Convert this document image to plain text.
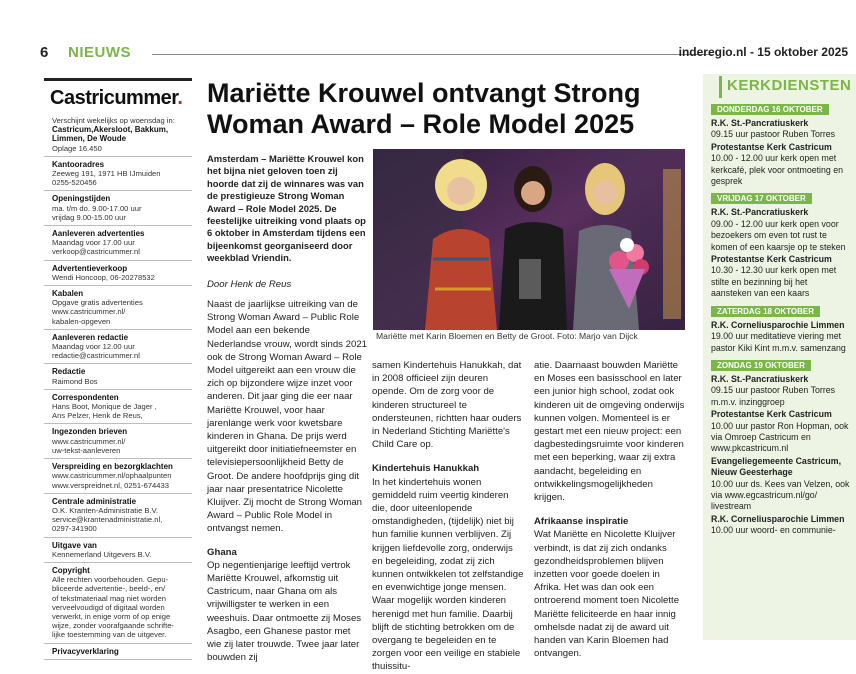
6 NIEUWS	inderegio.nl - 15 oktober 2025
Castricummer.
Verschijnt wekelijks op woensdag in:
Castricum,Akersloot, Bakkum,
Limmen, De Woude
Oplage 16.450
Kantooradres
Zeeweg 191, 1971 HB IJmuiden
0255-520456
Openingstijden
ma. t/m do. 9.00-17.00 uur
vrijdag 9.00-15.00 uur
Aanleveren advertenties
Maandag voor 17.00 uur
verkoop@castricummer.nl
Advertentieverkoop
Wendi Honcoop, 06-20278532
Kabalen
Opgave gratis advertenties
www.castricummer.nl/
kabalen-opgeven
Aanleveren redactie
Maandag voor 12.00 uur
redactie@castricummer.nl
Redactie
Raimond Bos
Correspondenten
Hans Boot, Monique de Jager ,
Ans Pelzer, Henk de Reus,
Ingezonden brieven
www.castricummer.nl/
uw-tekst-aanleveren
Verspreiding en bezorgklachten
www.castricummer.nl/ophaalpunten
www.verspreidnet.nl, 0251-674433
Centrale administratie
O.K. Kranten-Administratie B.V.
service@krantenadministratie.nl,
0297-341900
Uitgave van
Kennemerland Uitgevers B.V.
Copyright
Alle rechten voorbehouden. Gepu-
bliceerde advertentie-, beeld-, en/
of tekstmateriaal mag niet worden
verveelvoudigd of digitaal worden
verwerkt, in enige vorm of op enige
wijze, zonder voorafgaande schrifte-
lijke toestemming van de uitgever.
Privacyverklaring
Mariëtte Krouwel ontvangt Strong Woman Award – Role Model 2025
Amsterdam – Mariëtte Krouwel kon het bijna niet geloven toen zij hoorde dat zij de winnares was van de prestigieuze Strong Woman Award – Role Model 2025. De feestelijke uitreiking vond plaats op 6 oktober in Amsterdam tijdens een bijeenkomst georganiseerd door weekblad Vriendin.
Door Henk de Reus

Naast de jaarlijkse uitreiking van de Strong Woman Award – Public Role Model aan een bekende Nederlandse vrouw, wordt sinds 2021 ook de Strong Woman Award – Role Model uitgereikt aan een vrouw die zich op bijzondere wijze inzet voor anderen. Dit jaar ging die eer naar Mariëtte Krouwel, voor haar jarenlange werk voor kwetsbare kinderen in Ghana. De prijs werd uitgereikt door initiatiefneemster en televisiepersoonlijkheid Betty de Groot. De andere hoofdprijs ging dit jaar naar presentatrice Nicolette Kluijver. Zij mocht de Strong Woman Award – Public Role Model in ontvangst nemen.

Ghana

Op negentienjarige leeftijd vertrok Mariëtte Krouwel, afkomstig uit Castricum, naar Ghana om als vrijwilligster te werken in een weeshuis. Daar ontmoette zij Moses Asagbo, een Ghanese pastor met wie zij later trouwde. Twee jaar later bouwden zij

Mariëtte met Karin Bloemen en Betty de Groot. Foto: Marjo van Dijck

samen Kindertehuis Hanukkah, dat in 2008 officieel zijn deuren opende. Om de zorg voor de kinderen structureel te ondersteunen, richtten haar ouders in Nederland Stichting Mariëtte's Child Care op.

Kindertehuis Hanukkah

In het kindertehuis wonen gemiddeld ruim veertig kinderen die, door uiteenlopende omstandigheden, (tijdelijk) niet bij hun familie kunnen verblijven. Zij krijgen liefdevolle zorg, onderwijs en begeleiding, zodat zij zich kunnen ontwikkelen tot zelfstandige en evenwichtige jonge mensen. Waar mogelijk worden kinderen herenigd met hun familie. Daarbij blijft de stichting betrokken om de overgang te begeleiden en te zorgen voor een veilige en stabiele thuissitu-

atie. Daarnaast bouwden Mariëtte en Moses een basisschool en later een junior high school, zodat ook kinderen uit de omgeving onderwijs kunnen volgen. Momenteel is er gestart met een nieuw project: een dagbestedingsruimte voor kinderen met een beperking, waar zij extra aandacht, begeleiding en ontwikkelingsmogelijkheden krijgen.

Afrikaanse inspiratie

Wat Mariëtte en Nicolette Kluijver verbindt, is dat zij zich ondanks gezondheidsproblemen blijven inzetten voor goede doelen in Afrika. Het was dan ook een ontroerend moment toen Nicolette Mariëtte feliciteerde en haar innig omhelsde nadat zij de award uit handen van Karin Bloemen had ontvangen.

KERKDIENSTEN
DONDERDAG 16 OKTOBER
R.K. St.-Pancratiuskerk
09.15 uur pastoor Ruben Torres
Protestantse Kerk Castricum
10.00 - 12.00 uur kerk open met kerkcafé, plek voor ontmoeting en gesprek
VRIJDAG 17 OKTOBER
R.K. St.-Pancratiuskerk
09.00 - 12.00 uur kerk open voor bezoekers om even tot rust te komen of een kaarsje op te steken
Protestantse Kerk Castricum
10.30 - 12.30 uur kerk open met stilte en bezinning bij het aansteken van een kaars
ZATERDAG 18 OKTOBER
R.K. Corneliusparochie Limmen
19.00 uur meditatieve viering met pastor Kiki Kint m.m.v. samenzang
ZONDAG 19 OKTOBER
R.K. St.-Pancratiuskerk
09.15 uur pastoor Ruben Torres m.m.v. inzinggroep
Protestantse Kerk Castricum
10.00 uur pastor Ron Hopman, ook via Omroep Castricum en www.pkcastricum.nl
Evangeliegemeente Castricum, Nieuw Geesterhage
10.00 uur ds. Kees van Velzen, ook via www.egcastricum.nl/go/ livestream
R.K. Corneliusparochie Limmen
10.00 uur woord- en communie-
